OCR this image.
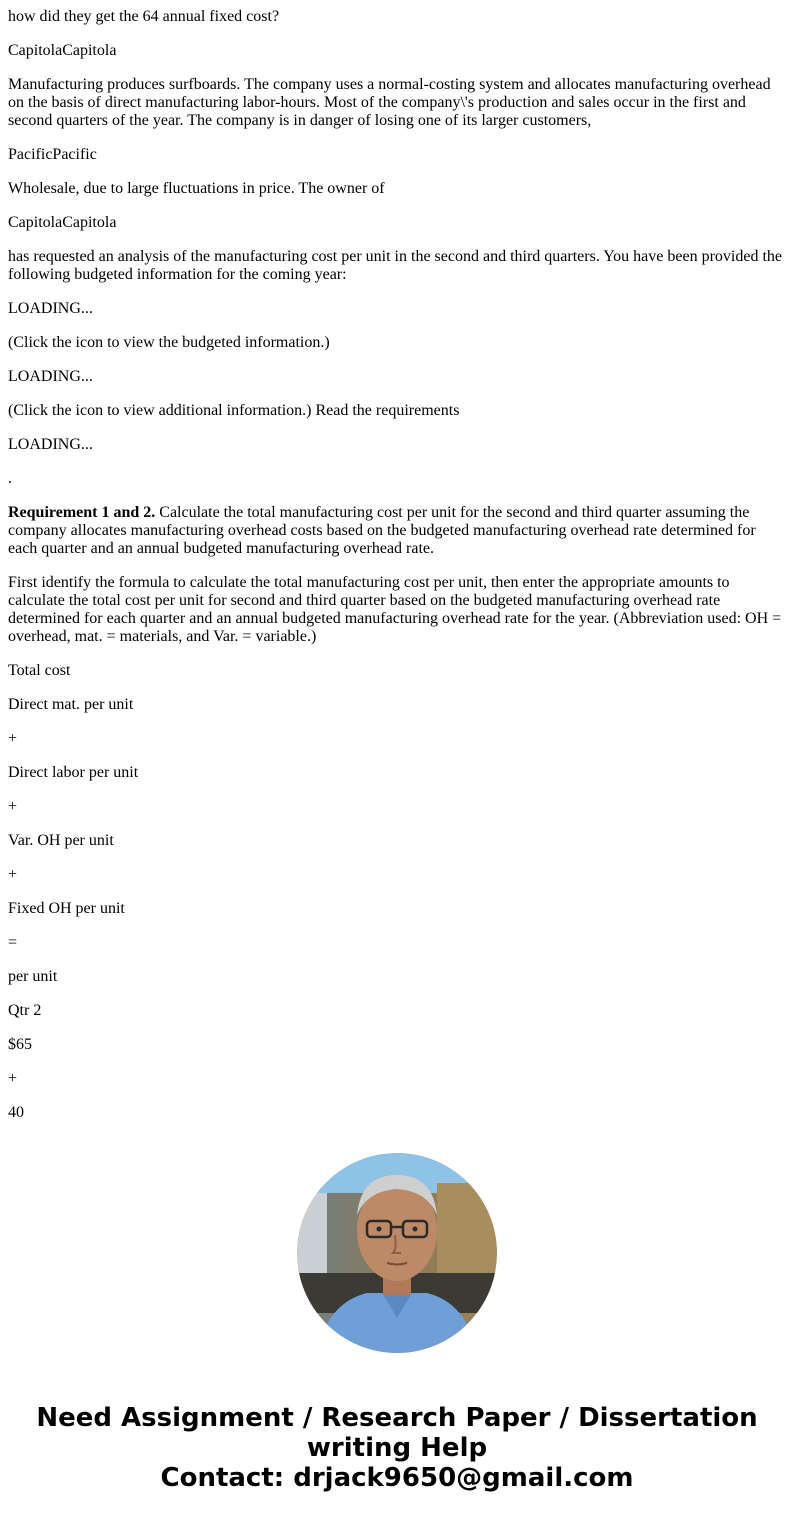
how did they get the 64 annual fixed cost?

CapitolaCapitola

Manufacturing produces surfboards. The company uses a normal-costing system and allocates manufacturing overhead on the basis of direct manufacturing labor-hours. Most of the company\'s production and sales occur in the first and second quarters of the year. The company is in danger of losing one of its larger customers,

PacificPacific

Wholesale, due to large fluctuations in price. The owner of

CapitolaCapitola

has requested an analysis of the manufacturing cost per unit in the second and third quarters. You have been provided the following budgeted information for the coming year:

LOADING...

(Click the icon to view the budgeted information.)

LOADING...

(Click the icon to view additional information.) Read the requirements

LOADING...

.

Requirement 1 and 2. Calculate the total manufacturing cost per unit for the second and third quarter assuming the company allocates manufacturing overhead costs based on the budgeted manufacturing overhead rate determined for each quarter and an annual budgeted manufacturing overhead rate.

First identify the formula to calculate the total manufacturing cost per unit, then enter the appropriate amounts to calculate the total cost per unit for second and third quarter based on the budgeted manufacturing overhead rate determined for each quarter and an annual budgeted manufacturing overhead rate for the year. (Abbreviation used: OH = overhead, mat. = materials, and Var. = variable.)

Total cost

Direct mat. per unit

+

Direct labor per unit

+

Var. OH per unit

+

Fixed OH per unit

=

per unit

Qtr 2

$65

+

40

Need Assignment / Research Paper / Dissertation
writing Help
Contact: drjack9650@gmail.com
